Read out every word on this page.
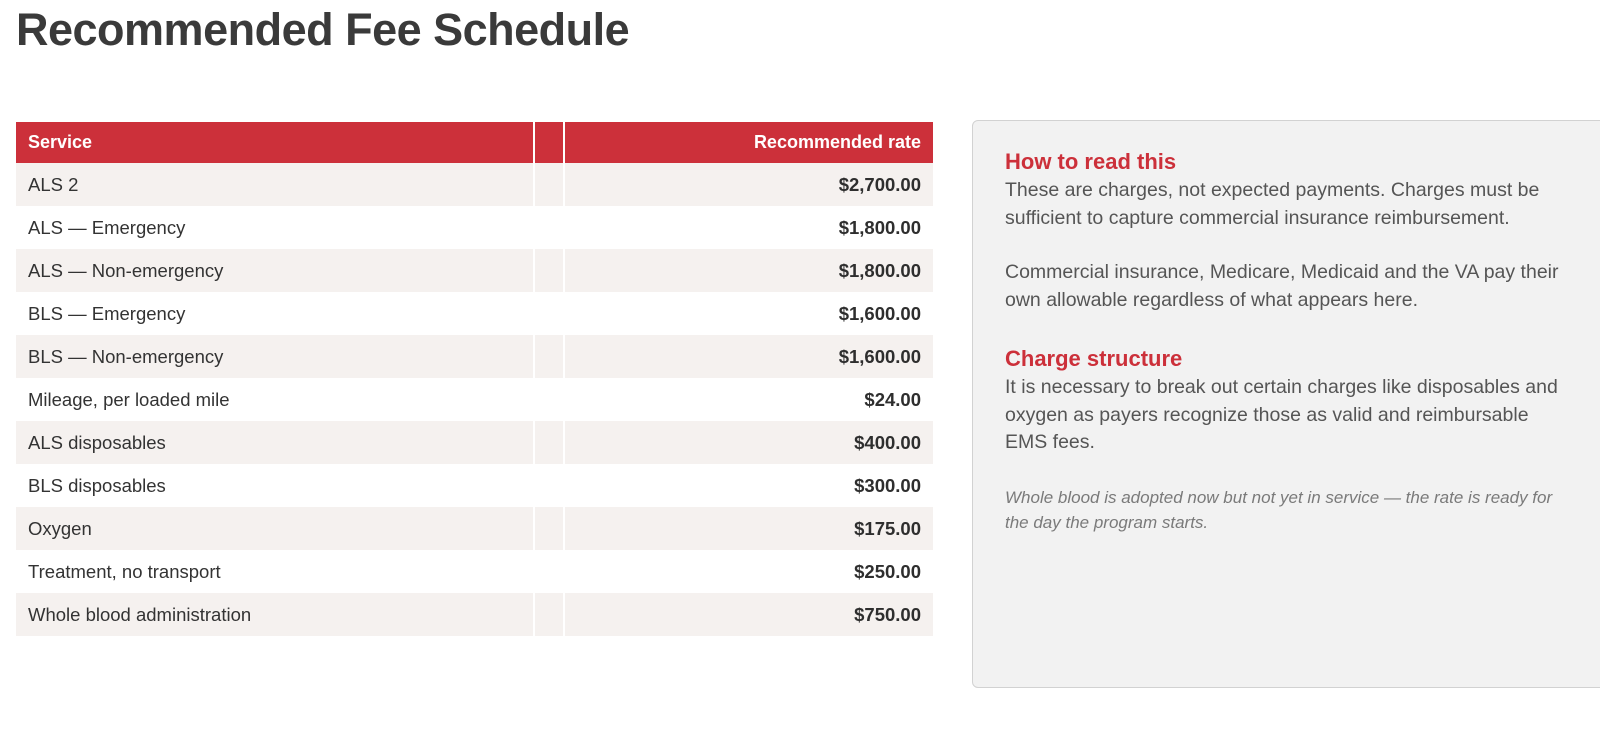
Recommended Fee Schedule
Service		Recommended rate
ALS 2		$2,700.00
ALS — Emergency		$1,800.00
ALS — Non-emergency		$1,800.00
BLS — Emergency		$1,600.00
BLS — Non-emergency		$1,600.00
Mileage, per loaded mile		$24.00
ALS disposables		$400.00
BLS disposables		$300.00
Oxygen		$175.00
Treatment, no transport		$250.00
Whole blood administration		$750.00
How to read this

These are charges, not expected payments. Charges must be sufficient to capture commercial insurance reimbursement.

Commercial insurance, Medicare, Medicaid and the VA pay their own allowable regardless of what appears here.

Charge structure

It is necessary to break out certain charges like disposables and oxygen as payers recognize those as valid and reimbursable EMS fees.

Whole blood is adopted now but not yet in service — the rate is ready for the day the program starts.
